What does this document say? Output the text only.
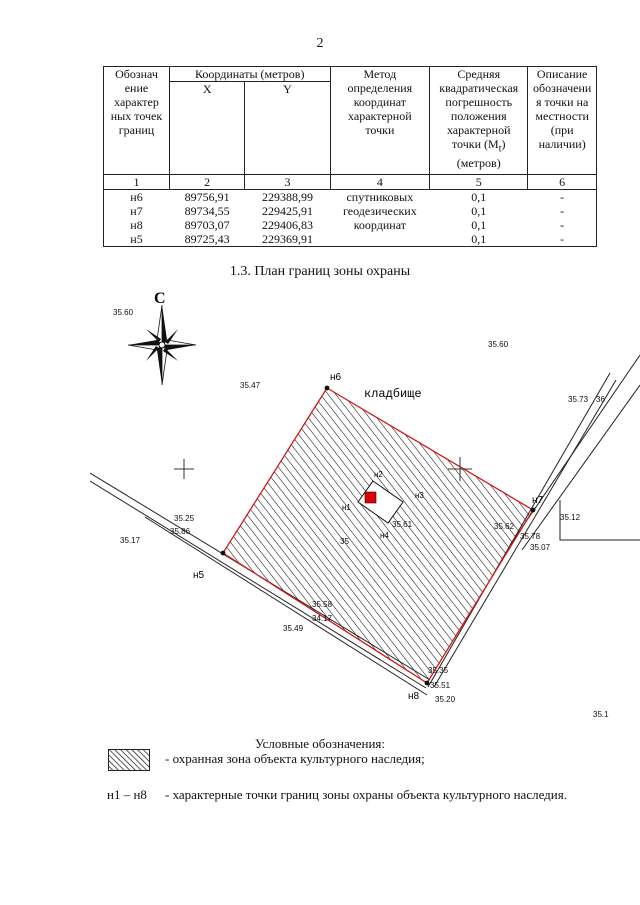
2
Обознач ение характер ных точек границ	Координаты (метров)		Метод определения координат характерной точки	Средняя квадратическая погрешность положения характерной точки $(M_t)$ (метров)	Описание обозначени я точки на местности (при наличии)
	X	Y			
1	2	3	4	5	6
н6	89756,91	229388,99	спутниковых	0,1	-
н7	89734,55	229425,91	геодезических	0,1	-
н8	89703,07	229406,83	координат	0,1	-
н5	89725,43	229369,91		0,1	-
1.3. План границ зоны охраны
С
н6
н7
н8
н5
н1
н2
н3
н4
кладбище
35.60
35.60
35.47
35.73 36
35.25
35.86
35.17
35.12
35.62
35.78
35.07
35.61
35.58
34.17
35.49
35.35
35.51
35.20
35.1
35
Условные обозначения:
- охранная зона объекта культурного наследия;
н1 – н8 - характерные точки границ зоны охраны объекта культурного наследия.
